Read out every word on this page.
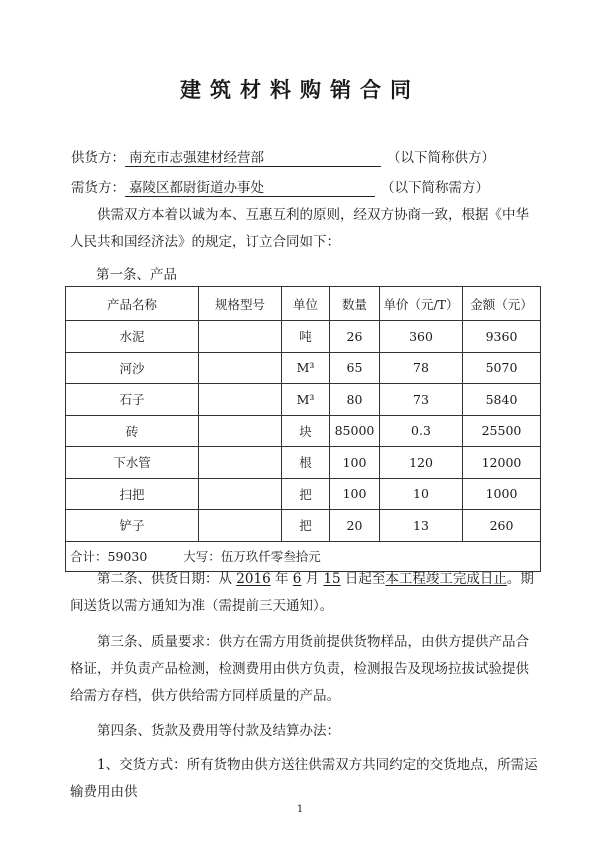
建筑材料购销合同
供货方： 南充市志强建材经营部	（以下简称供方）
需货方： 嘉陵区都尉街道办事处	（以下简称需方）
供需双方本着以诚为本、互惠互利的原则，经双方协商一致，根据《中华人民共和国经济法》的规定，订立合同如下：
第一条、产品
产品名称	规格型号	单位	数量	单价（元/T）	金额（元）
水泥		吨	26	360	9360
河沙		M³	65	78	5070
石子		M³	80	73	5840
砖		块	85000	0.3	25500
下水管		根	100	120	12000
扫把		把	100	10	1000
铲子		把	20	13	260
合计：59030 大写：伍万玖仟零叁拾元					
第二条、供货日期：从 2016 年 6 月 15 日起至本工程竣工完成日止。期间送货以需方通知为准（需提前三天通知）。
第三条、质量要求：供方在需方用货前提供货物样品，由供方提供产品合格证，并负责产品检测，检测费用由供方负责，检测报告及现场拉拔试验提供给需方存档，供方供给需方同样质量的产品。
第四条、货款及费用等付款及结算办法：
1、交货方式：所有货物由供方送往供需双方共同约定的交货地点，所需运输费用由供
1
